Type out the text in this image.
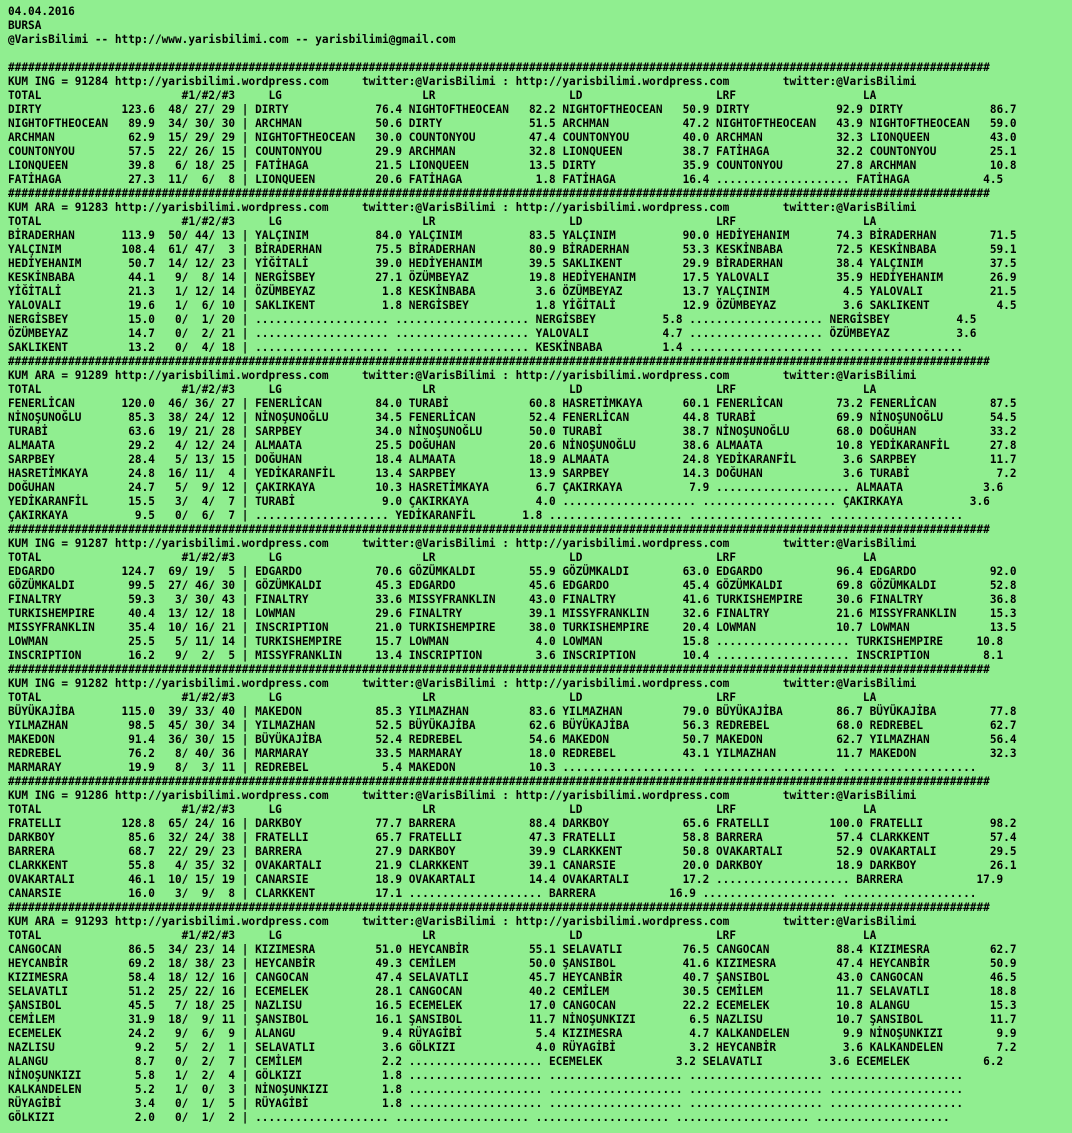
04.04.2016
BURSA
@VarisBilimi -- http://www.yarisbilimi.com -- yarisbilimi@gmail.com

###################################################################################################################################################
KUM ING = 91284 http://yarisbilimi.wordpress.com     twitter:@VarisBilimi : http://yarisbilimi.wordpress.com        twitter:@VarisBilimi
TOTAL                     #1/#2/#3     LG                     LR                    LD                    LRF                   LA
DIRTY            123.6  48/ 27/ 29 | DIRTY             76.4 NIGHTOFTHEOCEAN   82.2 NIGHTOFTHEOCEAN   50.9 DIRTY             92.9 DIRTY             86.7
NIGHTOFTHEOCEAN   89.9  34/ 30/ 30 | ARCHMAN           50.6 DIRTY             51.5 ARCHMAN           47.2 NIGHTOFTHEOCEAN   43.9 NIGHTOFTHEOCEAN   59.0
ARCHMAN           62.9  15/ 29/ 29 | NIGHTOFTHEOCEAN   30.0 COUNTONYOU        47.4 COUNTONYOU        40.0 ARCHMAN           32.3 LIONQUEEN         43.0
COUNTONYOU        57.5  22/ 26/ 15 | COUNTONYOU        29.9 ARCHMAN           32.8 LIONQUEEN         38.7 FATİHAGA          32.2 COUNTONYOU        25.1
LIONQUEEN         39.8   6/ 18/ 25 | FATİHAGA          21.5 LIONQUEEN         13.5 DIRTY             35.9 COUNTONYOU        27.8 ARCHMAN           10.8
FATİHAGA          27.3  11/  6/  8 | LIONQUEEN         20.6 FATİHAGA           1.8 FATİHAGA          16.4 .................... FATİHAGA           4.5
###################################################################################################################################################
KUM ARA = 91283 http://yarisbilimi.wordpress.com     twitter:@VarisBilimi : http://yarisbilimi.wordpress.com        twitter:@VarisBilimi
TOTAL                     #1/#2/#3     LG                     LR                    LD                    LRF                   LA
BİRADERHAN       113.9  50/ 44/ 13 | YALÇINIM          84.0 YALÇINIM          83.5 YALÇINIM          90.0 HEDİYEHANIM       74.3 BİRADERHAN        71.5
YALÇINIM         108.4  61/ 47/  3 | BİRADERHAN        75.5 BİRADERHAN        80.9 BİRADERHAN        53.3 KESKİNBABA        72.5 KESKİNBABA        59.1
HEDİYEHANIM       50.7  14/ 12/ 23 | YİĞİTALİ          39.0 HEDİYEHANIM       39.5 SAKLIKENT         29.9 BİRADERHAN        38.4 YALÇINIM          37.5
KESKİNBABA        44.1   9/  8/ 14 | NERGİSBEY         27.1 ÖZÜMBEYAZ         19.8 HEDİYEHANIM       17.5 YALOVALI          35.9 HEDİYEHANIM       26.9
YİĞİTALİ          21.3   1/ 12/ 14 | ÖZÜMBEYAZ          1.8 KESKİNBABA         3.6 ÖZÜMBEYAZ         13.7 YALÇINIM           4.5 YALOVALI          21.5
YALOVALI          19.6   1/  6/ 10 | SAKLIKENT          1.8 NERGİSBEY          1.8 YİĞİTALİ          12.9 ÖZÜMBEYAZ          3.6 SAKLIKENT          4.5
NERGİSBEY         15.0   0/  1/ 20 | .................... .................... NERGİSBEY          5.8 .................... NERGİSBEY          4.5
ÖZÜMBEYAZ         14.7   0/  2/ 21 | .................... .................... YALOVALI           4.7 .................... ÖZÜMBEYAZ          3.6
SAKLIKENT         13.2   0/  4/ 18 | .................... .................... KESKİNBABA         1.4 .................... ....................
###################################################################################################################################################
KUM ARA = 91289 http://yarisbilimi.wordpress.com     twitter:@VarisBilimi : http://yarisbilimi.wordpress.com        twitter:@VarisBilimi
TOTAL                     #1/#2/#3     LG                     LR                    LD                    LRF                   LA
FENERLİCAN       120.0  46/ 36/ 27 | FENERLİCAN        84.0 TURABİ            60.8 HASRETİMKAYA      60.1 FENERLİCAN        73.2 FENERLİCAN        87.5
NİNOŞUNOĞLU       85.3  38/ 24/ 12 | NİNOŞUNOĞLU       34.5 FENERLİCAN        52.4 FENERLİCAN        44.8 TURABİ            69.9 NİNOŞUNOĞLU       54.5
TURABİ            63.6  19/ 21/ 28 | SARPBEY           34.0 NİNOŞUNOĞLU       50.0 TURABİ            38.7 NİNOŞUNOĞLU       68.0 DOĞUHAN           33.2
ALMAATA           29.2   4/ 12/ 24 | ALMAATA           25.5 DOĞUHAN           20.6 NİNOŞUNOĞLU       38.6 ALMAATA           10.8 YEDİKARANFİL      27.8
SARPBEY           28.4   5/ 13/ 15 | DOĞUHAN           18.4 ALMAATA           18.9 ALMAATA           24.8 YEDİKARANFİL       3.6 SARPBEY           11.7
HASRETİMKAYA      24.8  16/ 11/  4 | YEDİKARANFİL      13.4 SARPBEY           13.9 SARPBEY           14.3 DOĞUHAN            3.6 TURABİ             7.2
DOĞUHAN           24.7   5/  9/ 12 | ÇAKIRKAYA         10.3 HASRETİMKAYA       6.7 ÇAKIRKAYA          7.9 .................... ALMAATA            3.6
YEDİKARANFİL      15.5   3/  4/  7 | TURABİ             9.0 ÇAKIRKAYA          4.0 .................... .................... ÇAKIRKAYA          3.6
ÇAKIRKAYA          9.5   0/  6/  7 | .................... YEDİKARANFİL       1.8 .................... .................... ....................
###################################################################################################################################################
KUM ING = 91287 http://yarisbilimi.wordpress.com     twitter:@VarisBilimi : http://yarisbilimi.wordpress.com        twitter:@VarisBilimi
TOTAL                     #1/#2/#3     LG                     LR                    LD                    LRF                   LA
EDGARDO          124.7  69/ 19/  5 | EDGARDO           70.6 GÖZÜMKALDI        55.9 GÖZÜMKALDI        63.0 EDGARDO           96.4 EDGARDO           92.0
GÖZÜMKALDI        99.5  27/ 46/ 30 | GÖZÜMKALDI        45.3 EDGARDO           45.6 EDGARDO           45.4 GÖZÜMKALDI        69.8 GÖZÜMKALDI        52.8
FINALTRY          59.3   3/ 30/ 43 | FINALTRY          33.6 MISSYFRANKLIN     43.0 FINALTRY          41.6 TURKISHEMPIRE     30.6 FINALTRY          36.8
TURKISHEMPIRE     40.4  13/ 12/ 18 | LOWMAN            29.6 FINALTRY          39.1 MISSYFRANKLIN     32.6 FINALTRY          21.6 MISSYFRANKLIN     15.3
MISSYFRANKLIN     35.4  10/ 16/ 21 | INSCRIPTION       21.0 TURKISHEMPIRE     38.0 TURKISHEMPIRE     20.4 LOWMAN            10.7 LOWMAN            13.5
LOWMAN            25.5   5/ 11/ 14 | TURKISHEMPIRE     15.7 LOWMAN             4.0 LOWMAN            15.8 .................... TURKISHEMPIRE     10.8
INSCRIPTION       16.2   9/  2/  5 | MISSYFRANKLIN     13.4 INSCRIPTION        3.6 INSCRIPTION       10.4 .................... INSCRIPTION        8.1
###################################################################################################################################################
KUM ING = 91282 http://yarisbilimi.wordpress.com     twitter:@VarisBilimi : http://yarisbilimi.wordpress.com        twitter:@VarisBilimi
TOTAL                     #1/#2/#3     LG                     LR                    LD                    LRF                   LA
BÜYÜKAJİBA       115.0  39/ 33/ 40 | MAKEDON           85.3 YILMAZHAN         83.6 YILMAZHAN         79.0 BÜYÜKAJİBA        86.7 BÜYÜKAJİBA        77.8
YILMAZHAN         98.5  45/ 30/ 34 | YILMAZHAN         52.5 BÜYÜKAJİBA        62.6 BÜYÜKAJİBA        56.3 REDREBEL          68.0 REDREBEL          62.7
MAKEDON           91.4  36/ 30/ 15 | BÜYÜKAJİBA        52.4 REDREBEL          54.6 MAKEDON           50.7 MAKEDON           62.7 YILMAZHAN         56.4
REDREBEL          76.2   8/ 40/ 36 | MARMARAY          33.5 MARMARAY          18.0 REDREBEL          43.1 YILMAZHAN         11.7 MAKEDON           32.3
MARMARAY          19.9   8/  3/ 11 | REDREBEL           5.4 MAKEDON           10.3 .................... .................... ....................
###################################################################################################################################################
KUM ING = 91286 http://yarisbilimi.wordpress.com     twitter:@VarisBilimi : http://yarisbilimi.wordpress.com        twitter:@VarisBilimi
TOTAL                     #1/#2/#3     LG                     LR                    LD                    LRF                   LA
FRATELLI         128.8  65/ 24/ 16 | DARKBOY           77.7 BARRERA           88.4 DARKBOY           65.6 FRATELLI         100.0 FRATELLI          98.2
DARKBOY           85.6  32/ 24/ 38 | FRATELLI          65.7 FRATELLI          47.3 FRATELLI          58.8 BARRERA           57.4 CLARKKENT         57.4
BARRERA           68.7  22/ 29/ 23 | BARRERA           27.9 DARKBOY           39.9 CLARKKENT         50.8 OVAKARTALI        52.9 OVAKARTALI        29.5
CLARKKENT         55.8   4/ 35/ 32 | OVAKARTALI        21.9 CLARKKENT         39.1 CANARSIE          20.0 DARKBOY           18.9 DARKBOY           26.1
OVAKARTALI        46.1  10/ 15/ 19 | CANARSIE          18.9 OVAKARTALI        14.4 OVAKARTALI        17.2 .................... BARRERA           17.9
CANARSIE          16.0   3/  9/  8 | CLARKKENT         17.1 .................... BARRERA           16.9 .................... ....................
###################################################################################################################################################
KUM ARA = 91293 http://yarisbilimi.wordpress.com     twitter:@VarisBilimi : http://yarisbilimi.wordpress.com        twitter:@VarisBilimi
TOTAL                     #1/#2/#3     LG                     LR                    LD                    LRF                   LA
CANGOCAN          86.5  34/ 23/ 14 | KIZIMESRA         51.0 HEYCANBİR         55.1 SELAVATLI         76.5 CANGOCAN          88.4 KIZIMESRA         62.7
HEYCANBİR         69.2  18/ 38/ 23 | HEYCANBİR         49.3 CEMİLEM           50.0 ŞANSIBOL          41.6 KIZIMESRA         47.4 HEYCANBİR         50.9
KIZIMESRA         58.4  18/ 12/ 16 | CANGOCAN          47.4 SELAVATLI         45.7 HEYCANBİR         40.7 ŞANSIBOL          43.0 CANGOCAN          46.5
SELAVATLI         51.2  25/ 22/ 16 | ECEMELEK          28.1 CANGOCAN          40.2 CEMİLEM           30.5 CEMİLEM           11.7 SELAVATLI         18.8
ŞANSIBOL          45.5   7/ 18/ 25 | NAZLISU           16.5 ECEMELEK          17.0 CANGOCAN          22.2 ECEMELEK          10.8 ALANGU            15.3
CEMİLEM           31.9  18/  9/ 11 | ŞANSIBOL          16.1 ŞANSIBOL          11.7 NİNOŞUNKIZI        6.5 NAZLISU           10.7 ŞANSIBOL          11.7
ECEMELEK          24.2   9/  6/  9 | ALANGU             9.4 RÜYAGİBİ           5.4 KIZIMESRA          4.7 KALKANDELEN        9.9 NİNOŞUNKIZI        9.9
NAZLISU            9.2   5/  2/  1 | SELAVATLI          3.6 GÖLKIZI            4.0 RÜYAGİBİ           3.2 HEYCANBİR          3.6 KALKANDELEN        7.2
ALANGU             8.7   0/  2/  7 | CEMİLEM            2.2 .................... ECEMELEK           3.2 SELAVATLI          3.6 ECEMELEK           6.2
NİNOŞUNKIZI        5.8   1/  2/  4 | GÖLKIZI            1.8 .................... .................... .................... ....................
KALKANDELEN        5.2   1/  0/  3 | NİNOŞUNKIZI        1.8 .................... .................... .................... ....................
RÜYAGİBİ           3.4   0/  1/  5 | RÜYAGİBİ           1.8 .................... .................... .................... ....................
GÖLKIZI            2.0   0/  1/  2 | .................... .................... .................... .................... ....................
